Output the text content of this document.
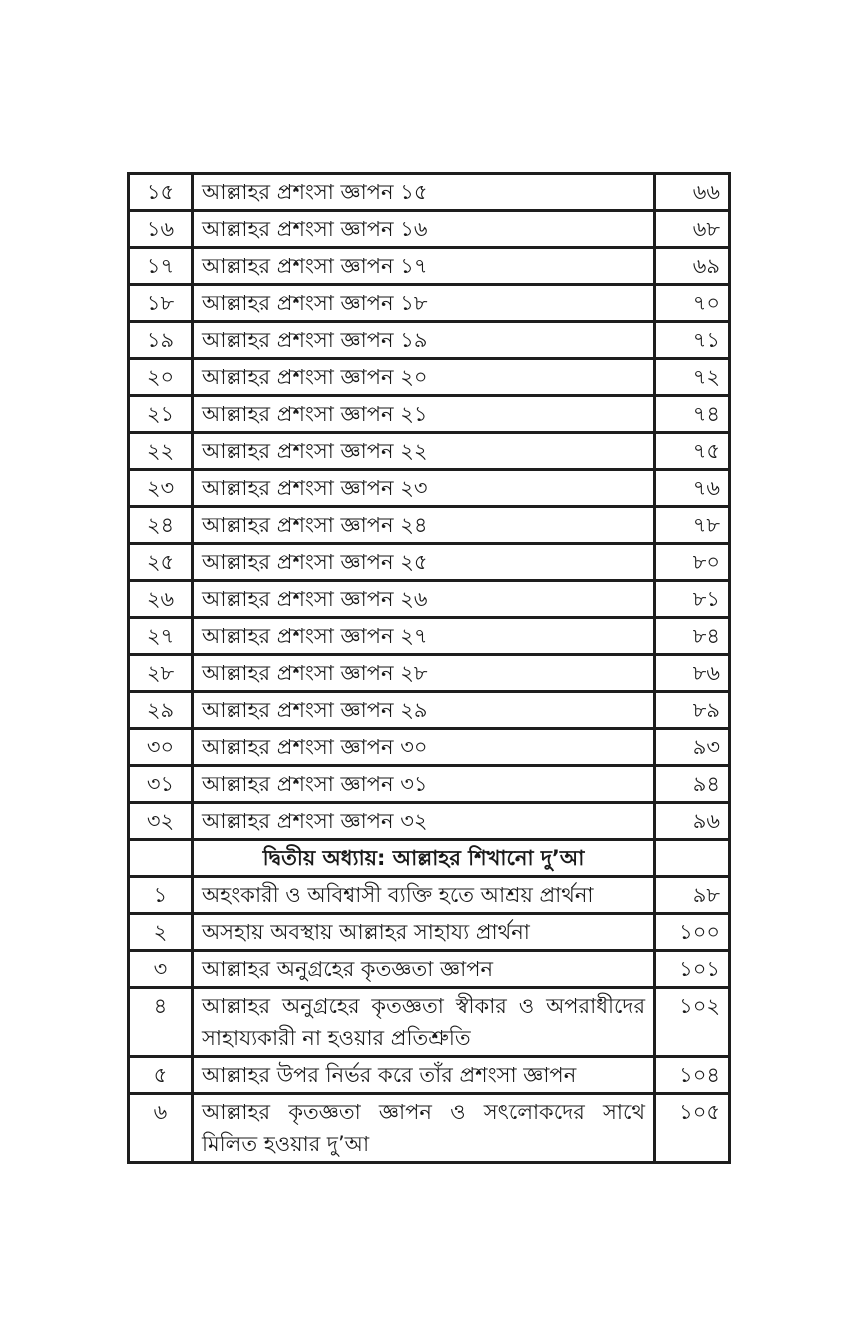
১৫	আল্লাহর প্রশংসা জ্ঞাপন ১৫	৬৬
১৬	আল্লাহর প্রশংসা জ্ঞাপন ১৬	৬৮
১৭	আল্লাহর প্রশংসা জ্ঞাপন ১৭	৬৯
১৮	আল্লাহর প্রশংসা জ্ঞাপন ১৮	৭০
১৯	আল্লাহর প্রশংসা জ্ঞাপন ১৯	৭১
২০	আল্লাহর প্রশংসা জ্ঞাপন ২০	৭২
২১	আল্লাহর প্রশংসা জ্ঞাপন ২১	৭৪
২২	আল্লাহর প্রশংসা জ্ঞাপন ২২	৭৫
২৩	আল্লাহর প্রশংসা জ্ঞাপন ২৩	৭৬
২৪	আল্লাহর প্রশংসা জ্ঞাপন ২৪	৭৮
২৫	আল্লাহর প্রশংসা জ্ঞাপন ২৫	৮০
২৬	আল্লাহর প্রশংসা জ্ঞাপন ২৬	৮১
২৭	আল্লাহর প্রশংসা জ্ঞাপন ২৭	৮৪
২৮	আল্লাহর প্রশংসা জ্ঞাপন ২৮	৮৬
২৯	আল্লাহর প্রশংসা জ্ঞাপন ২৯	৮৯
৩০	আল্লাহর প্রশংসা জ্ঞাপন ৩০	৯৩
৩১	আল্লাহর প্রশংসা জ্ঞাপন ৩১	৯৪
৩২	আল্লাহর প্রশংসা জ্ঞাপন ৩২	৯৬
	দ্বিতীয় অধ্যায়: আল্লাহর শিখানো দু’আ	
১	অহংকারী ও অবিশ্বাসী ব্যক্তি হতে আশ্রয় প্রার্থনা	৯৮
২	অসহায় অবস্থায় আল্লাহর সাহায্য প্রার্থনা	১০০
৩	আল্লাহর অনুগ্রহের কৃতজ্ঞতা জ্ঞাপন	১০১
৪	আল্লাহর অনুগ্রহের কৃতজ্ঞতা স্বীকার ও অপরাধীদের সাহায্যকারী না হওয়ার প্রতিশ্রুতি	১০২
৫	আল্লাহর উপর নির্ভর করে তাঁর প্রশংসা জ্ঞাপন	১০৪
৬	আল্লাহর কৃতজ্ঞতা জ্ঞাপন ও সৎলোকদের সাথে মিলিত হওয়ার দু’আ	১০৫
